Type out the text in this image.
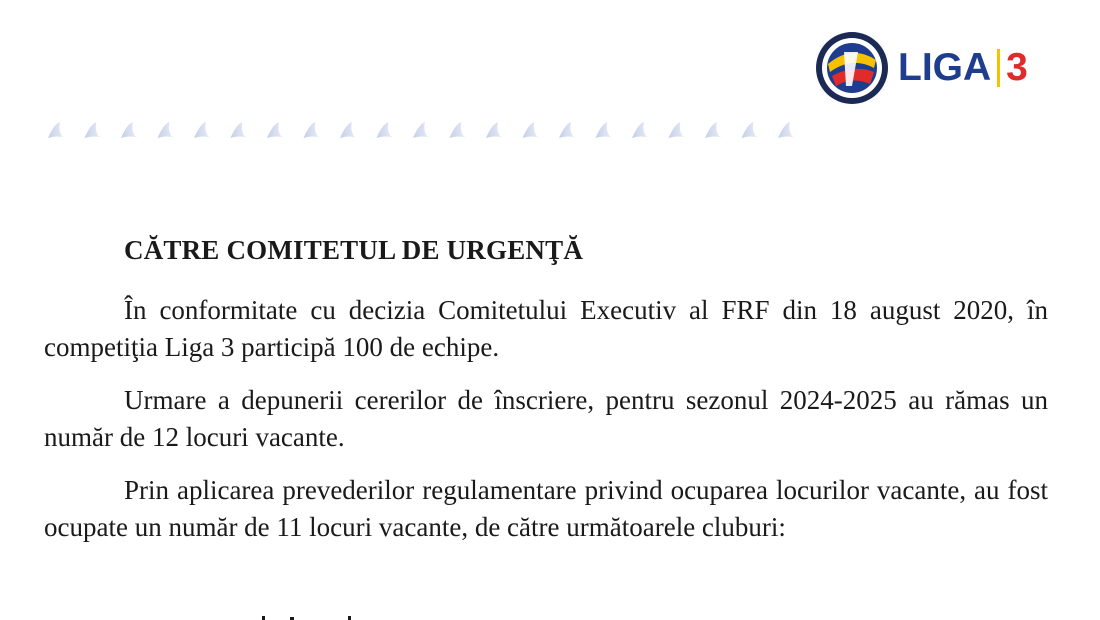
LIGA 3
CĂTRE COMITETUL DE URGENŢĂ

În conformitate cu decizia Comitetului Executiv al FRF din 18 august 2020, în competiţia Liga 3 participă 100 de echipe.

Urmare a depunerii cererilor de înscriere, pentru sezonul 2024-2025 au rămas un număr de 12 locuri vacante.

Prin aplicarea prevederilor regulamentare privind ocuparea locurilor vacante, au fost ocupate un număr de 11 locuri vacante, de către următoarele cluburi:
